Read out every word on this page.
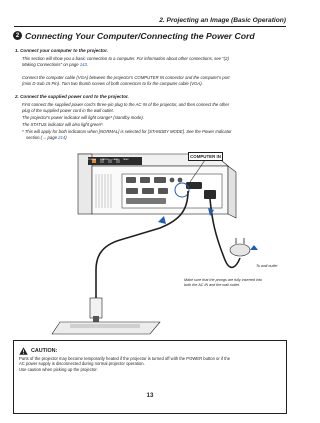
2. Projecting an Image (Basic Operation)
2 Connecting Your Computer/Connecting the Power Cord
1. Connect your computer to the projector.
This section will show you a basic connection to a computer. For information about other connections, see "(2)
Making Connections" on page 143.
Connect the computer cable (VGA) between the projector's COMPUTER IN connector and the computer's port
(mini D-Sub 15 Pin). Turn two thumb screws of both connectors to fix the computer cable (VGA).
2. Connect the supplied power cord to the projector.
First connect the supplied power cord's three-pin plug to the AC IN of the projector, and then connect the other
plug of the supplied power cord in the wall outlet.
The projector's power indicator will light orange* (standby mode).
The STATUS indicator will also light green*.
* This will apply for both indicators when [NORMAL] is selected for [STANDBY MODE]. See the Power Indicator
section.(→ page 214)
COMPUTER IN
POWER STATUS LAMP TEMP.
To wall outlet
Make sure that the prongs are fully inserted into
both the AC IN and the wall outlet.
CAUTION:
Parts of the projector may become temporarily heated if the projector is turned off with the POWER button or if the
AC power supply is disconnected during normal projector operation.
Use caution when picking up the projector.
13
